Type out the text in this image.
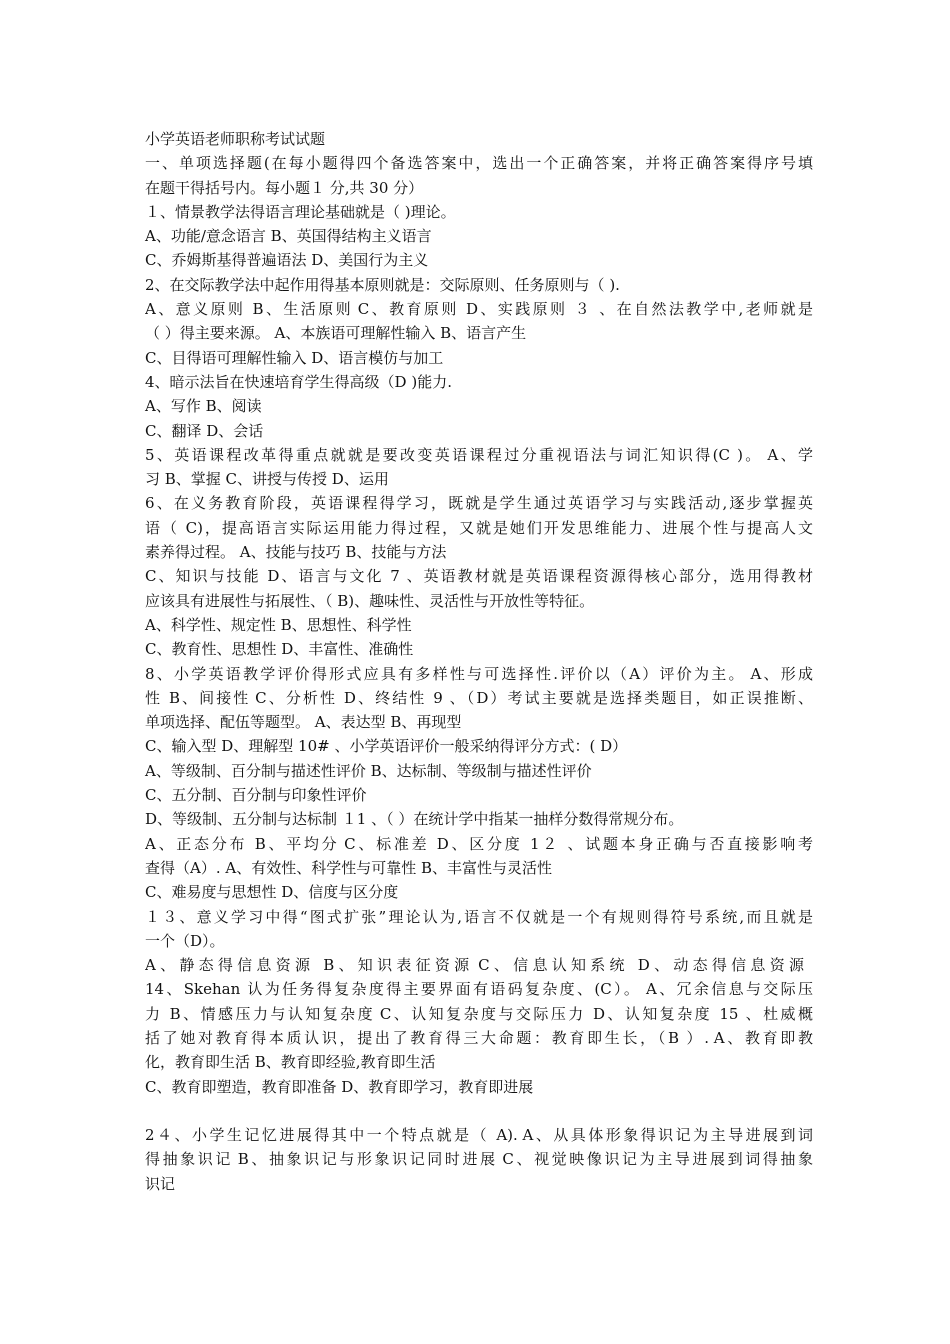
小学英语老师职称考试试题
一、单项选择题(在每小题得四个备选答案中，选出一个正确答案，并将正确答案得序号填
在题干得括号内。每小题１ 分,共 30 分）
１、情景教学法得语言理论基础就是（ )理论。
A、功能/意念语言 B、英国得结构主义语言
C、乔姆斯基得普遍语法 D、美国行为主义
2、在交际教学法中起作用得基本原则就是：交际原则、任务原则与（ ).
A、意义原则 B、生活原则 C、教育原则 D、实践原则 ３ 、在自然法教学中,老师就是
（ ）得主要来源。 A、本族语可理解性输入 B、语言产生
C、目得语可理解性输入 D、语言模仿与加工
4、暗示法旨在快速培育学生得高级（D )能力.
A、写作 B、阅读
C、翻译 D、会话
5、英语课程改革得重点就就是要改变英语课程过分重视语法与词汇知识得(C )。 A、学
习 B、掌握 C、讲授与传授 D、运用
6、在义务教育阶段，英语课程得学习，既就是学生通过英语学习与实践活动,逐步掌握英
语（ C)，提高语言实际运用能力得过程，又就是她们开发思维能力、进展个性与提高人文
素养得过程。 A、技能与技巧 B、技能与方法
C、知识与技能 D、语言与文化 7 、英语教材就是英语课程资源得核心部分，选用得教材
应该具有进展性与拓展性、（ B)、趣味性、灵活性与开放性等特征。
A、科学性、规定性 B、思想性、科学性
C、教育性、思想性 D、丰富性、准确性
8、小学英语教学评价得形式应具有多样性与可选择性.评价以（A）评价为主。 A、形成
性 B、间接性 C、分析性 D、终结性 9 、（D）考试主要就是选择类题目，如正误推断、
单项选择、配伍等题型。 A、表达型 B、再现型
C、输入型 D、理解型 10# 、小学英语评价一般采纳得评分方式：( D）
A、等级制、百分制与描述性评价 B、达标制、等级制与描述性评价
C、五分制、百分制与印象性评价
D、等级制、五分制与达标制 １1 、（ ）在统计学中指某一抽样分数得常规分布。
A、正态分布 B、平均分 C、标准差 D、区分度 1２ 、试题本身正确与否直接影响考
查得（A）. A、有效性、科学性与可靠性 B、丰富性与灵活性
C、难易度与思想性 D、信度与区分度
１３、意义学习中得“图式扩张”理论认为,语言不仅就是一个有规则得符号系统,而且就是
一个（D）。
A、静态得信息资源 B、知识表征资源 C、信息认知系统 D、动态得信息资源 
14、Skehan 认为任务得复杂度得主要界面有语码复杂度、(C）。 A、冗余信息与交际压
力 B、情感压力与认知复杂度 C、认知复杂度与交际压力 D、认知复杂度 15 、杜威概
括了她对教育得本质认识，提出了教育得三大命题：教育即生长，（B ）. A、教育即教
化，教育即生活 B、教育即经验,教育即生活
C、教育即塑造，教育即准备 D、教育即学习，教育即进展
2４、小学生记忆进展得其中一个特点就是（ A). A、从具体形象得识记为主导进展到词
得抽象识记 B、抽象识记与形象识记同时进展 C、视觉映像识记为主导进展到词得抽象
识记
